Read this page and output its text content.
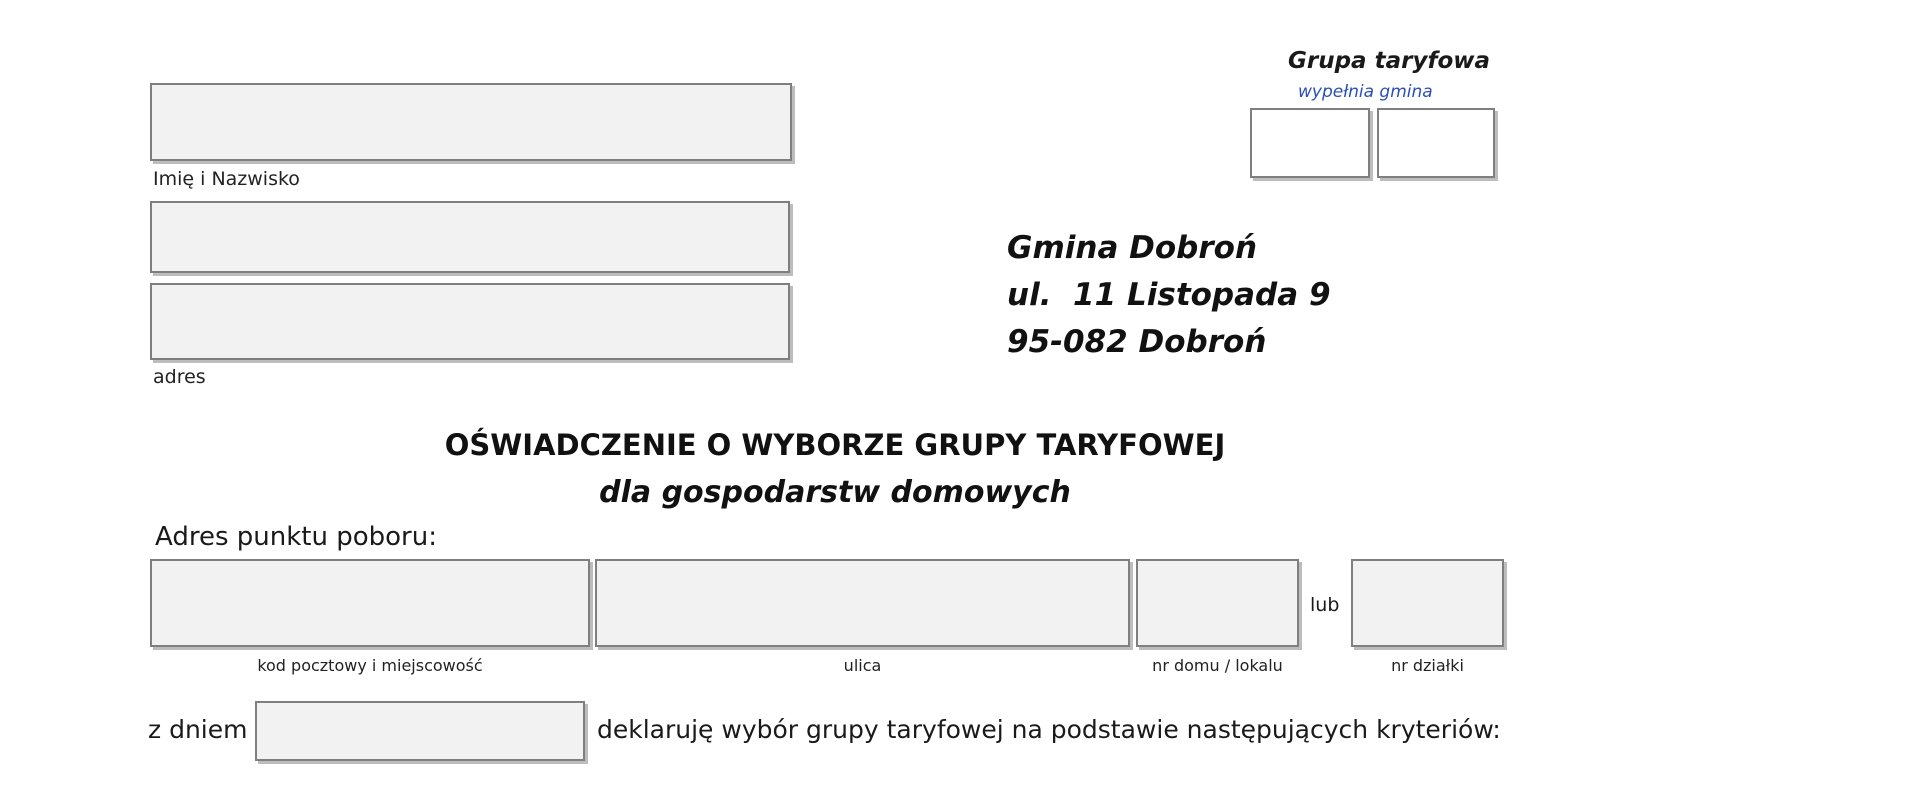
Grupa taryfowa
wypełnia gmina
Imię i Nazwisko
adres
Gmina Dobroń
ul.  11 Listopada 9
95-082 Dobroń
OŚWIADCZENIE O WYBORZE GRUPY TARYFOWEJ
dla gospodarstw domowych
Adres punktu poboru:
lub
kod pocztowy i miejscowość	ulica	nr domu / lokalu	nr działki
z dniem	deklaruję wybór grupy taryfowej na podstawie następujących kryteriów:
